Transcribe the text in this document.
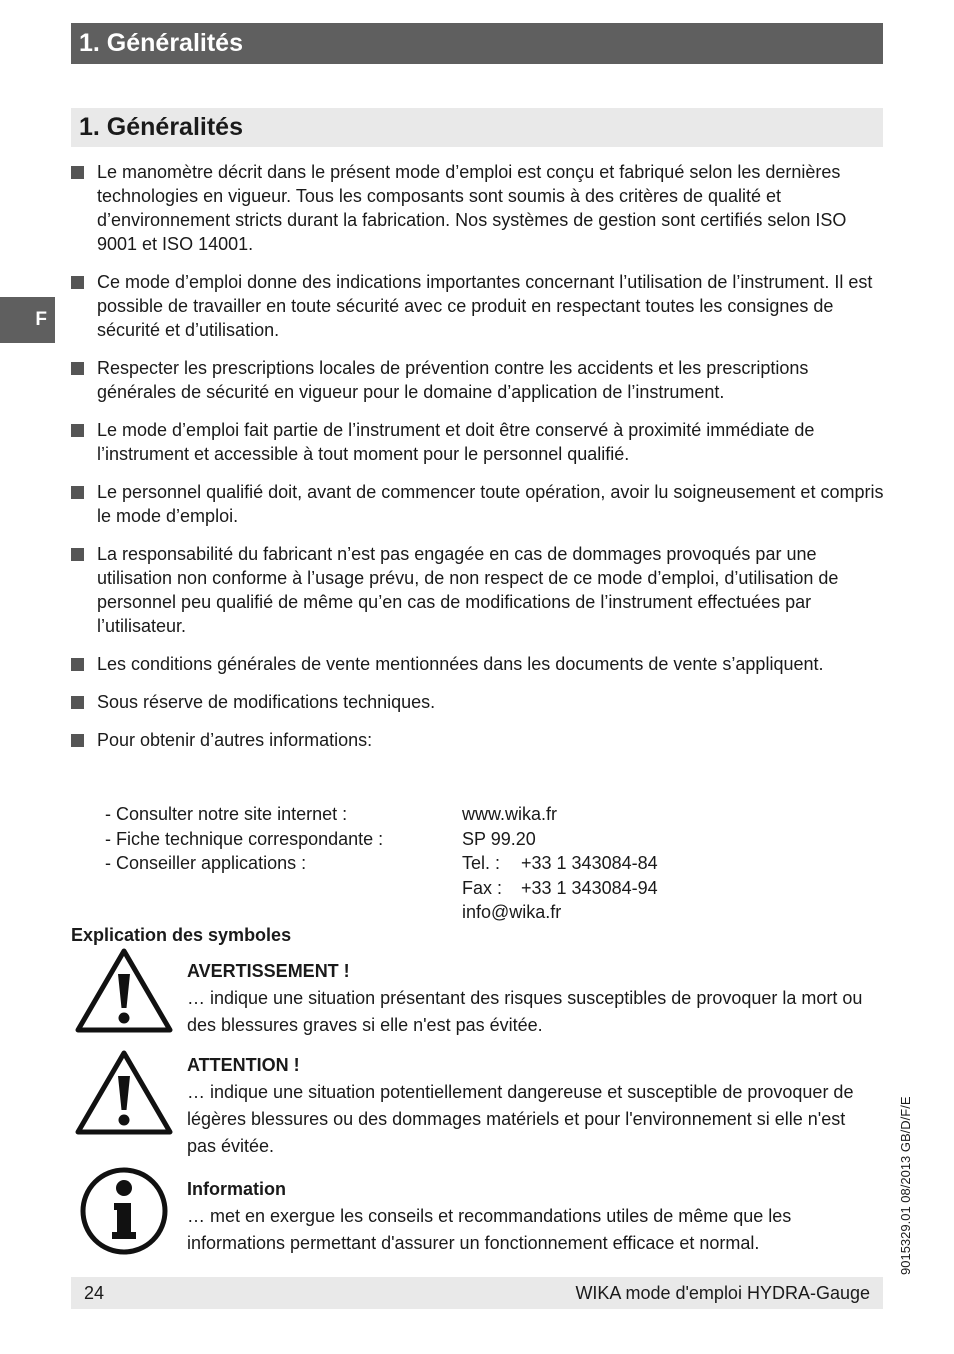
1. Généralités
F
1. Généralités
Le manomètre décrit dans le présent mode d’emploi est conçu et fabriqué selon les dernières technologies en vigueur. Tous les composants sont soumis à des critères de qualité et d’environnement stricts durant la fabrication. Nos systèmes de gestion sont certifiés selon ISO 9001 et ISO 14001.
Ce mode d’emploi donne des indications importantes concernant l’utilisation de l’instrument. Il est possible de travailler en toute sécurité avec ce produit en respectant toutes les consignes de sécurité et d’utilisation.
Respecter les prescriptions locales de prévention contre les accidents et les prescriptions générales de sécurité en vigueur pour le domaine d’application de l’instrument.
Le mode d’emploi fait partie de l’instrument et doit être conservé à proximité immédiate de l’instrument et accessible à tout moment pour le personnel qualifié.
Le personnel qualifié doit, avant de commencer toute opération, avoir lu soigneusement et compris le mode d’emploi.
La responsabilité du fabricant n’est pas engagée en cas de dommages provoqués par une utilisation non conforme à l’usage prévu, de non respect de ce mode d’emploi, d’utilisation de personnel peu qualifié de même qu’en cas de modifications de l’instrument effectuées par l’utilisateur.
Les conditions générales de vente mentionnées dans les documents de vente s’appliquent.
Sous réserve de modifications techniques.
Pour obtenir d’autres informations:
- Consulter notre site internet :	www.wika.fr
- Fiche technique correspondante :	SP 99.20
- Conseiller applications :	Tel. : +33 1 343084-84
Fax : +33 1 343084-94
info@wika.fr
Explication des symboles
AVERTISSEMENT !
… indique une situation présentant des risques susceptibles de provoquer la mort ou des blessures graves si elle n'est pas évitée.
ATTENTION !
… indique une situation potentiellement dangereuse et susceptible de provoquer de légères blessures ou des dommages matériels et pour l'environnement si elle n'est pas évitée.
Information
… met en exergue les conseils et recommandations utiles de même que les informations permettant d'assurer un fonctionnement efficace et normal.	9015329.01 08/2013 GB/D/F/E
24	WIKA mode d'emploi HYDRA-Gauge
